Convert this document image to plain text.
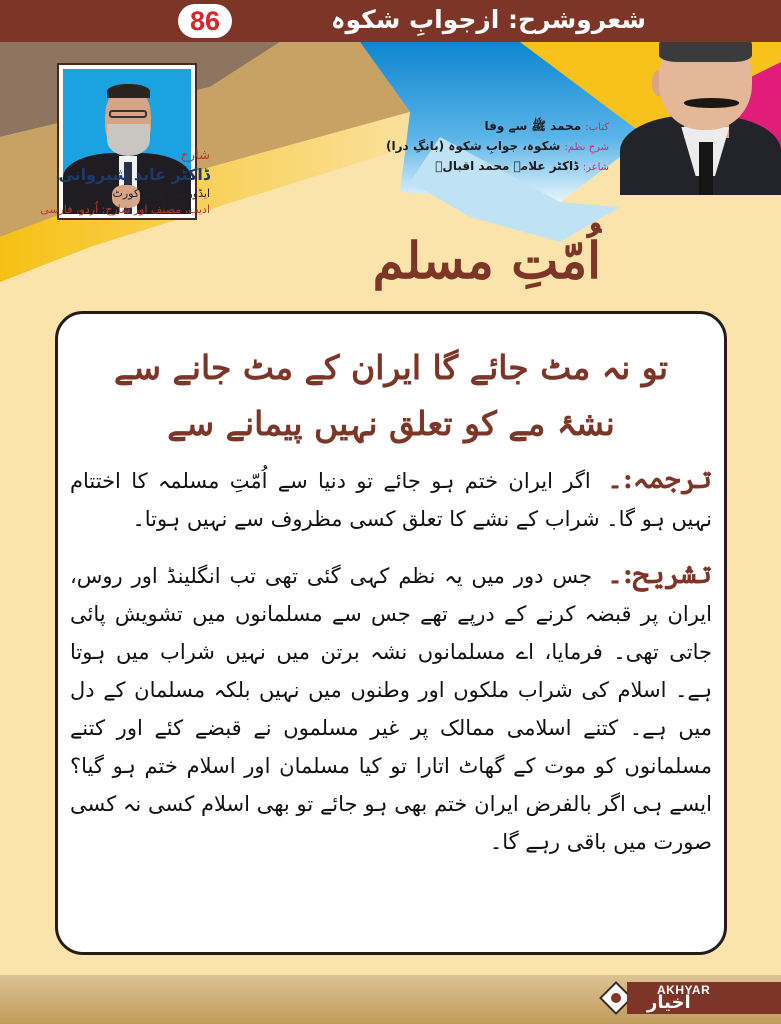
شعروشرح: ازجوابِ شکوہ
86
شارح
ڈاکٹر عابد شیروانی
ایڈووکیٹ ہائی کورٹ
ادیب، مصنف اور شارح: اُردو، فارسی
کتاب: محمد ﷺ سے وفا
شرحِ نظم: شکوہ، جوابِ شکوہ (بانگِ درا)
شاعر: ڈاکٹر علامہ محمد اقبالؒ
اُمّتِ مسلم
تو نہ مٹ جائے گا ایران کے مٹ جانے سے
نشۂ مے کو تعلق نہیں پیمانے سے

ترجمہ:۔ اگر ایران ختم ہو جائے تو دنیا سے اُمّتِ مسلمہ کا اختتام نہیں ہو گا۔ شراب کے نشے کا تعلق کسی مظروف سے نہیں ہوتا۔

تشریح:۔ جس دور میں یہ نظم کہی گئی تھی تب انگلینڈ اور روس، ایران پر قبضہ کرنے کے درپے تھے جس سے مسلمانوں میں تشویش پائی جاتی تھی۔ فرمایا، اے مسلمانوں نشہ برتن میں نہیں شراب میں ہوتا ہے۔ اسلام کی شراب ملکوں اور وطنوں میں نہیں بلکہ مسلمان کے دل میں ہے۔ کتنے اسلامی ممالک پر غیر مسلموں نے قبضے کئے اور کتنے مسلمانوں کو موت کے گھاٹ اتارا تو کیا مسلمان اور اسلام ختم ہو گیا؟ ایسے ہی اگر بالفرض ایران ختم بھی ہو جائے تو بھی اسلام کسی نہ کسی صورت میں باقی رہے گا۔

AKHYAR
اخیار
